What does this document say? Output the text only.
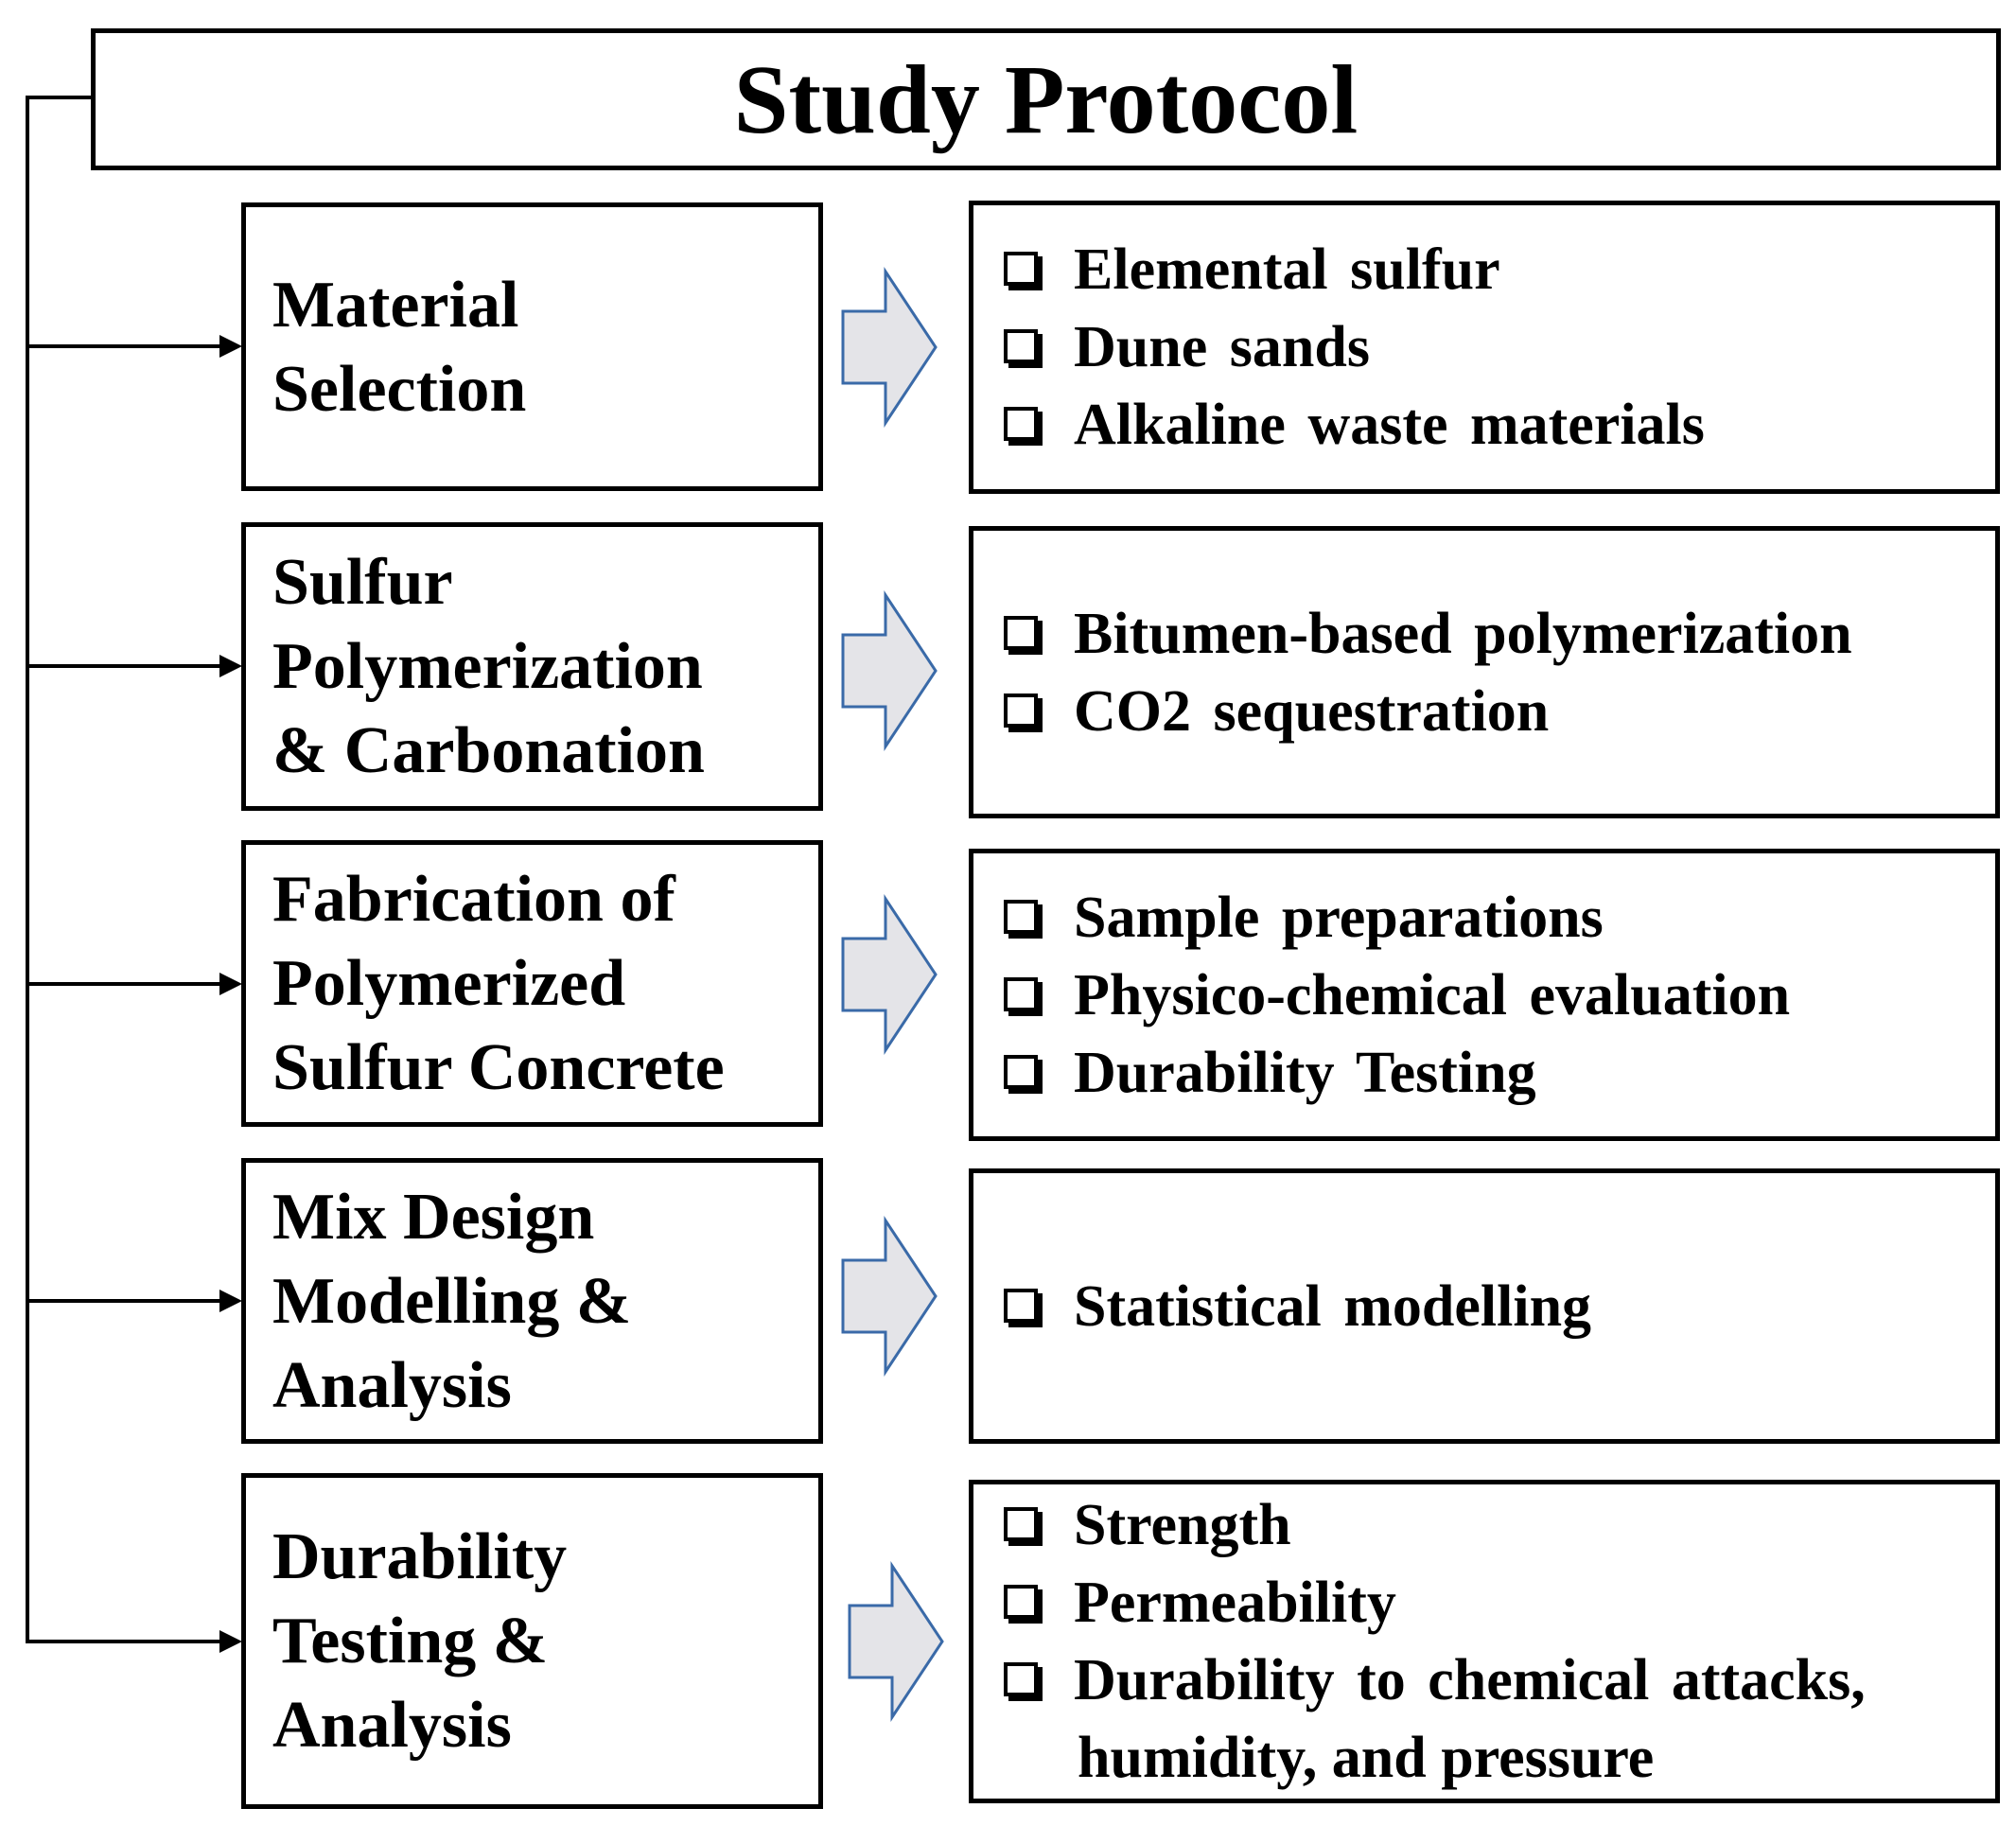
Study Protocol
Material
Selection
Sulfur
Polymerization
& Carbonation
Fabrication of
Polymerized
Sulfur Concrete
Mix Design
Modelling &
Analysis
Durability
Testing &
Analysis
Elemental sulfur
Dune sands
Alkaline waste materials
Bitumen-based polymerization
CO2 sequestration
Sample preparations
Physico-chemical evaluation
Durability Testing
Statistical modelling
Strength
Permeability
Durability to chemical attacks,
humidity, and pressure
